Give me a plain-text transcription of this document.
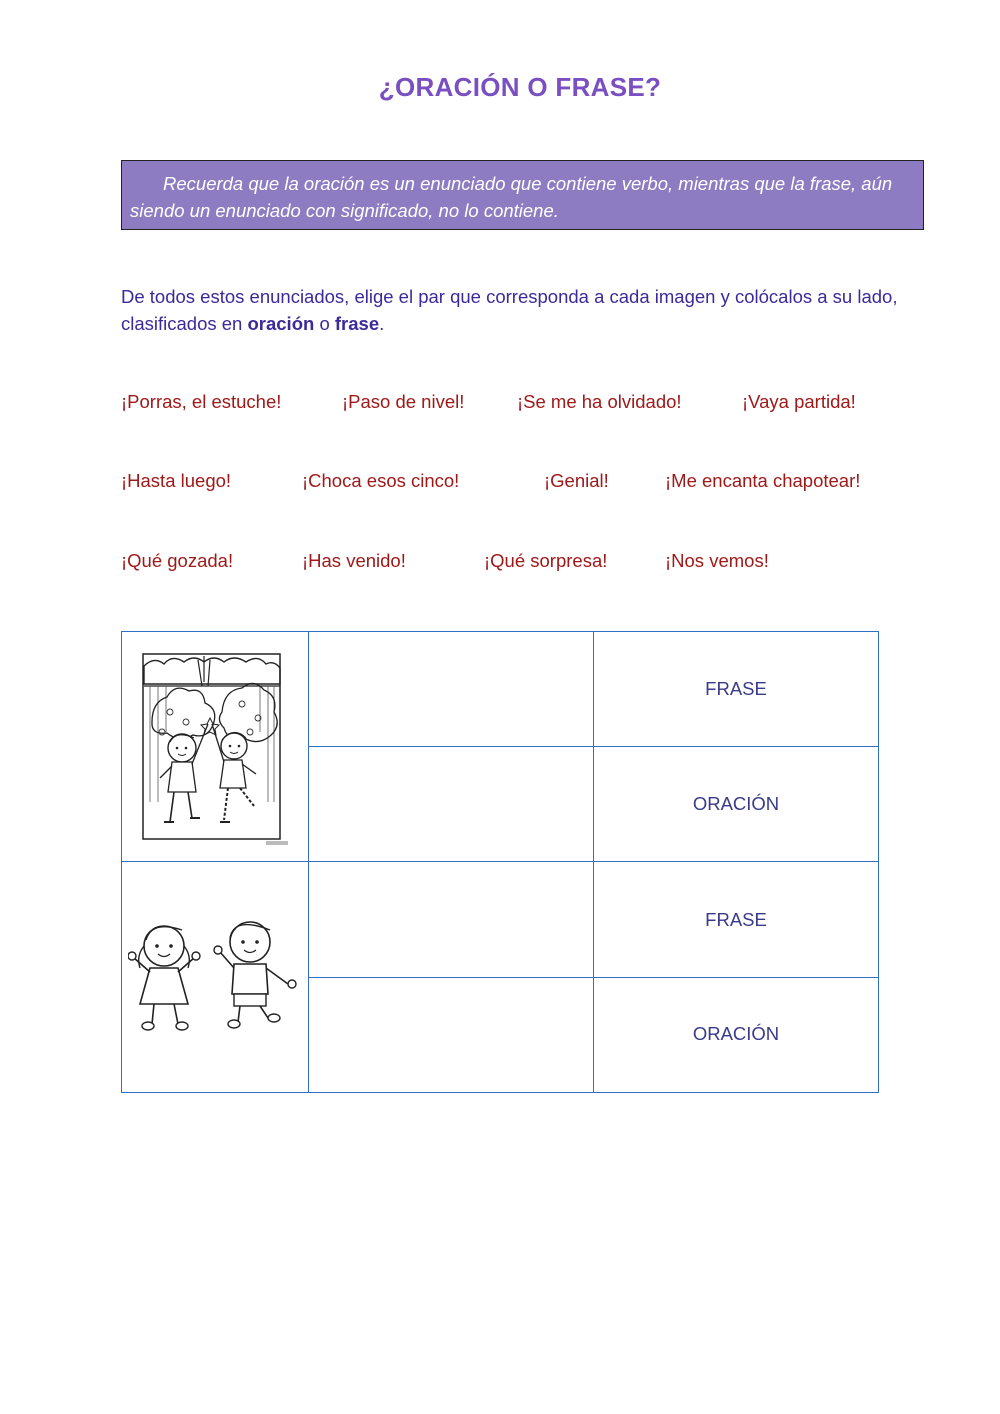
¿ORACIÓN O FRASE?
Recuerda que la oración es un enunciado que contiene verbo, mientras que la frase, aún siendo un enunciado con significado, no lo contiene.
De todos estos enunciados, elige el par que corresponda a cada imagen y colócalos a su lado, clasificados en oración o frase.
¡Porras, el estuche!	¡Paso de nivel!	¡Se me ha olvidado!	¡Vaya partida!
¡Hasta luego!	¡Choca esos cinco!	¡Genial!	¡Me encanta chapotear!
¡Qué gozada!	¡Has venido!	¡Qué sorpresa!	¡Nos vemos!
FRASE
ORACIÓN
FRASE
ORACIÓN
